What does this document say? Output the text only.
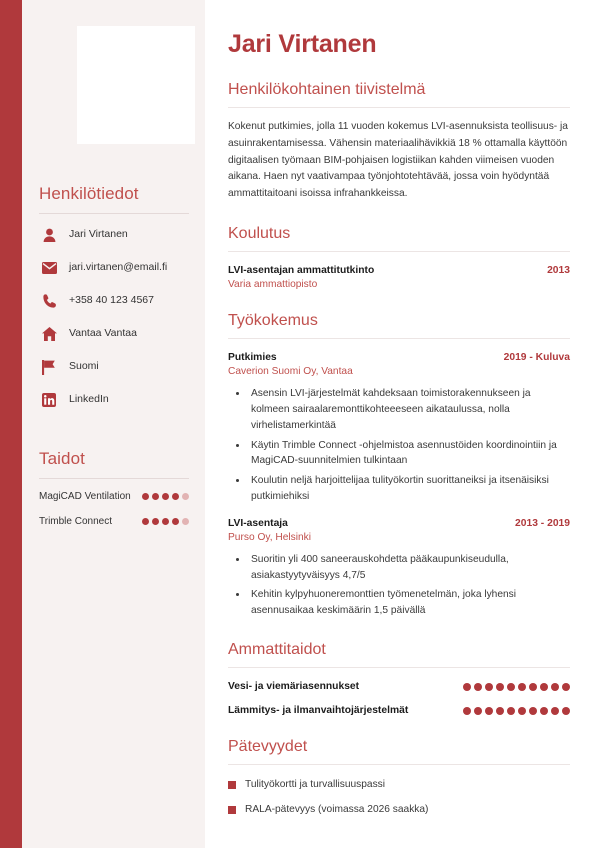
Henkilötiedot
Jari Virtanen
jari.virtanen@email.fi
+358 40 123 4567
Vantaa Vantaa
Suomi
LinkedIn
Taidot
MagiCAD Ventilation
Trimble Connect
Jari Virtanen
Henkilökohtainen tiivistelmä

Kokenut putkimies, jolla 11 vuoden kokemus LVI-asennuksista teollisuus- ja asuinrakentamisessa. Vähensin materiaalihävikkiä 18 % ottamalla käyttöön digitaalisen työmaan BIM-pohjaisen logistiikan kahden viimeisen vuoden aikana. Haen nyt vaativampaa työnjohtotehtävää, jossa voin hyödyntää ammattitaitoani isoissa infrahankkeissa.

Koulutus
LVI-asentajan ammattitutkinto	2013
Varia ammattiopisto
Työkokemus
Putkimies	2019 - Kuluva
Caverion Suomi Oy, Vantaa
• Asensin LVI-järjestelmät kahdeksaan toimistorakennukseen ja kolmeen sairaalaremonttikohteeeseen aikataulussa, nolla virhelistamerkintää
• Käytin Trimble Connect -ohjelmistoa asennustöiden koordinointiin ja MagiCAD-suunnitelmien tulkintaan
• Koulutin neljä harjoittelijaa tulityökortin suorittaneiksi ja itsenäisiksi putkimiehiksi
LVI-asentaja	2013 - 2019
Purso Oy, Helsinki
• Suoritin yli 400 saneerauskohdetta pääkaupunkiseudulla, asiakastyytyväisyys 4,7/5
• Kehitin kylpyhuoneremonttien työmenetelmän, joka lyhensi asennusaikaa keskimäärin 1,5 päivällä
Ammattitaidot
Vesi- ja viemäriasennukset
Lämmitys- ja ilmanvaihtojärjestelmät
Pätevyydet
Tulityökortti ja turvallisuuspassi
RALA-pätevyys (voimassa 2026 saakka)
